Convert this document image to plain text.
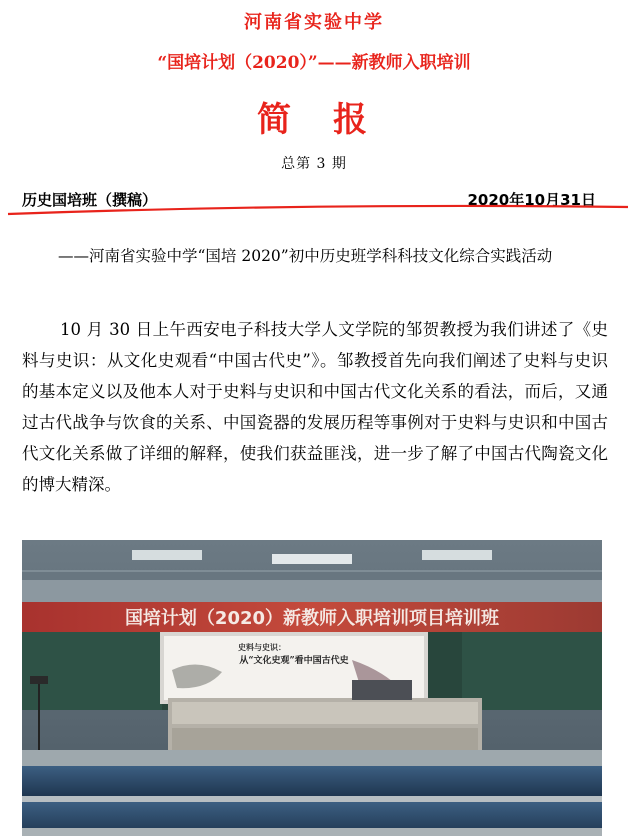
河南省实验中学
“国培计划（2020）”——新教师入职培训
简　报
总第 3 期
历史国培班（撰稿）	2020年10月31日
——河南省实验中学“国培 2020”初中历史班学科科技文化综合实践活动

10 月 30 日上午西安电子科技大学人文学院的邹贺教授为我们讲述了《史料与史识：从文化史观看“中国古代史”》。邹教授首先向我们阐述了史料与史识的基本定义以及他本人对于史料与史识和中国古代文化关系的看法，而后，又通过古代战争与饮食的关系、中国瓷器的发展历程等事例对于史料与史识和中国古代文化关系做了详细的解释，使我们获益匪浅，进一步了解了中国古代陶瓷文化的博大精深。

国培计划（2020）新教师入职培训项目培训班
史料与史识：
从“文化史观”看中国古代史
